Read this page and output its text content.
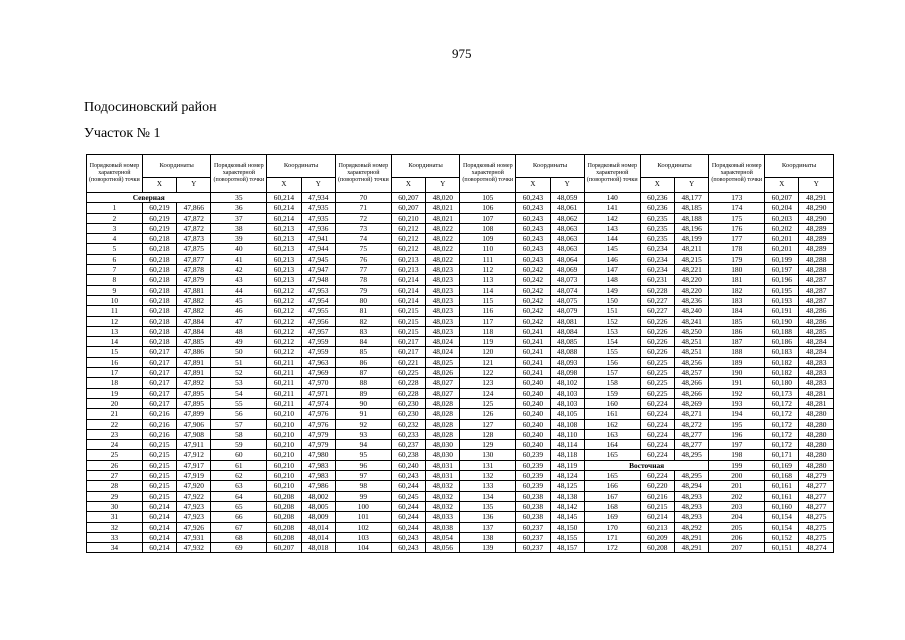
975
Подосиновский район
Участок № 1
Порядковый номер характерной (поворотной) точки	Координаты		Порядковый номер характерной (поворотной) точки	Координаты		Порядковый номер характерной (поворотной) точки	Координаты		Порядковый номер характерной (поворотной) точки	Координаты		Порядковый номер характерной (поворотной) точки	Координаты		Порядковый номер характерной (поворотной) точки	Координаты	
	X	Y		X	Y		X	Y		X	Y		X	Y		X	Y
Северная			35	60,214	47,934	70	60,207	48,020	105	60,243	48,059	140	60,236	48,177	173	60,207	48,291
1	60,219	47,866	36	60,214	47,935	71	60,207	48,021	106	60,243	48,061	141	60,236	48,185	174	60,204	48,290
2	60,219	47,872	37	60,214	47,935	72	60,210	48,021	107	60,243	48,062	142	60,235	48,188	175	60,203	48,290
3	60,219	47,872	38	60,213	47,936	73	60,212	48,022	108	60,243	48,063	143	60,235	48,196	176	60,202	48,289
4	60,218	47,873	39	60,213	47,941	74	60,212	48,022	109	60,243	48,063	144	60,235	48,199	177	60,201	48,289
5	60,218	47,875	40	60,213	47,944	75	60,212	48,022	110	60,243	48,063	145	60,234	48,211	178	60,201	48,289
6	60,218	47,877	41	60,213	47,945	76	60,213	48,022	111	60,243	48,064	146	60,234	48,215	179	60,199	48,288
7	60,218	47,878	42	60,213	47,947	77	60,213	48,023	112	60,242	48,069	147	60,234	48,221	180	60,197	48,288
8	60,218	47,879	43	60,213	47,948	78	60,214	48,023	113	60,242	48,073	148	60,231	48,220	181	60,196	48,287
9	60,218	47,881	44	60,212	47,953	79	60,214	48,023	114	60,242	48,074	149	60,228	48,220	182	60,195	48,287
10	60,218	47,882	45	60,212	47,954	80	60,214	48,023	115	60,242	48,075	150	60,227	48,236	183	60,193	48,287
11	60,218	47,882	46	60,212	47,955	81	60,215	48,023	116	60,242	48,079	151	60,227	48,240	184	60,191	48,286
12	60,218	47,884	47	60,212	47,956	82	60,215	48,023	117	60,242	48,081	152	60,226	48,241	185	60,190	48,286
13	60,218	47,884	48	60,212	47,957	83	60,215	48,023	118	60,241	48,084	153	60,226	48,250	186	60,188	48,285
14	60,218	47,885	49	60,212	47,959	84	60,217	48,024	119	60,241	48,085	154	60,226	48,251	187	60,186	48,284
15	60,217	47,886	50	60,212	47,959	85	60,217	48,024	120	60,241	48,088	155	60,226	48,251	188	60,183	48,284
16	60,217	47,891	51	60,211	47,963	86	60,221	48,025	121	60,241	48,093	156	60,225	48,256	189	60,182	48,283
17	60,217	47,891	52	60,211	47,969	87	60,225	48,026	122	60,241	48,098	157	60,225	48,257	190	60,182	48,283
18	60,217	47,892	53	60,211	47,970	88	60,228	48,027	123	60,240	48,102	158	60,225	48,266	191	60,180	48,283
19	60,217	47,895	54	60,211	47,971	89	60,228	48,027	124	60,240	48,103	159	60,225	48,266	192	60,173	48,281
20	60,217	47,895	55	60,211	47,974	90	60,230	48,028	125	60,240	48,103	160	60,224	48,269	193	60,172	48,281
21	60,216	47,899	56	60,210	47,976	91	60,230	48,028	126	60,240	48,105	161	60,224	48,271	194	60,172	48,280
22	60,216	47,906	57	60,210	47,976	92	60,232	48,028	127	60,240	48,108	162	60,224	48,272	195	60,172	48,280
23	60,216	47,908	58	60,210	47,979	93	60,233	48,028	128	60,240	48,110	163	60,224	48,277	196	60,172	48,280
24	60,215	47,911	59	60,210	47,979	94	60,237	48,030	129	60,240	48,114	164	60,224	48,277	197	60,172	48,280
25	60,215	47,912	60	60,210	47,980	95	60,238	48,030	130	60,239	48,118	165	60,224	48,295	198	60,171	48,280
26	60,215	47,917	61	60,210	47,983	96	60,240	48,031	131	60,239	48,119	Восточная			199	60,169	48,280
27	60,215	47,919	62	60,210	47,983	97	60,243	48,031	132	60,239	48,124	165	60,224	48,295	200	60,168	48,279
28	60,215	47,920	63	60,210	47,986	98	60,244	48,032	133	60,239	48,125	166	60,220	48,294	201	60,161	48,277
29	60,215	47,922	64	60,208	48,002	99	60,245	48,032	134	60,238	48,138	167	60,216	48,293	202	60,161	48,277
30	60,214	47,923	65	60,208	48,005	100	60,244	48,032	135	60,238	48,142	168	60,215	48,293	203	60,160	48,277
31	60,214	47,923	66	60,208	48,009	101	60,244	48,033	136	60,238	48,145	169	60,214	48,293	204	60,154	48,275
32	60,214	47,926	67	60,208	48,014	102	60,244	48,038	137	60,237	48,150	170	60,213	48,292	205	60,154	48,275
33	60,214	47,931	68	60,208	48,014	103	60,243	48,054	138	60,237	48,155	171	60,209	48,291	206	60,152	48,275
34	60,214	47,932	69	60,207	48,018	104	60,243	48,056	139	60,237	48,157	172	60,208	48,291	207	60,151	48,274
